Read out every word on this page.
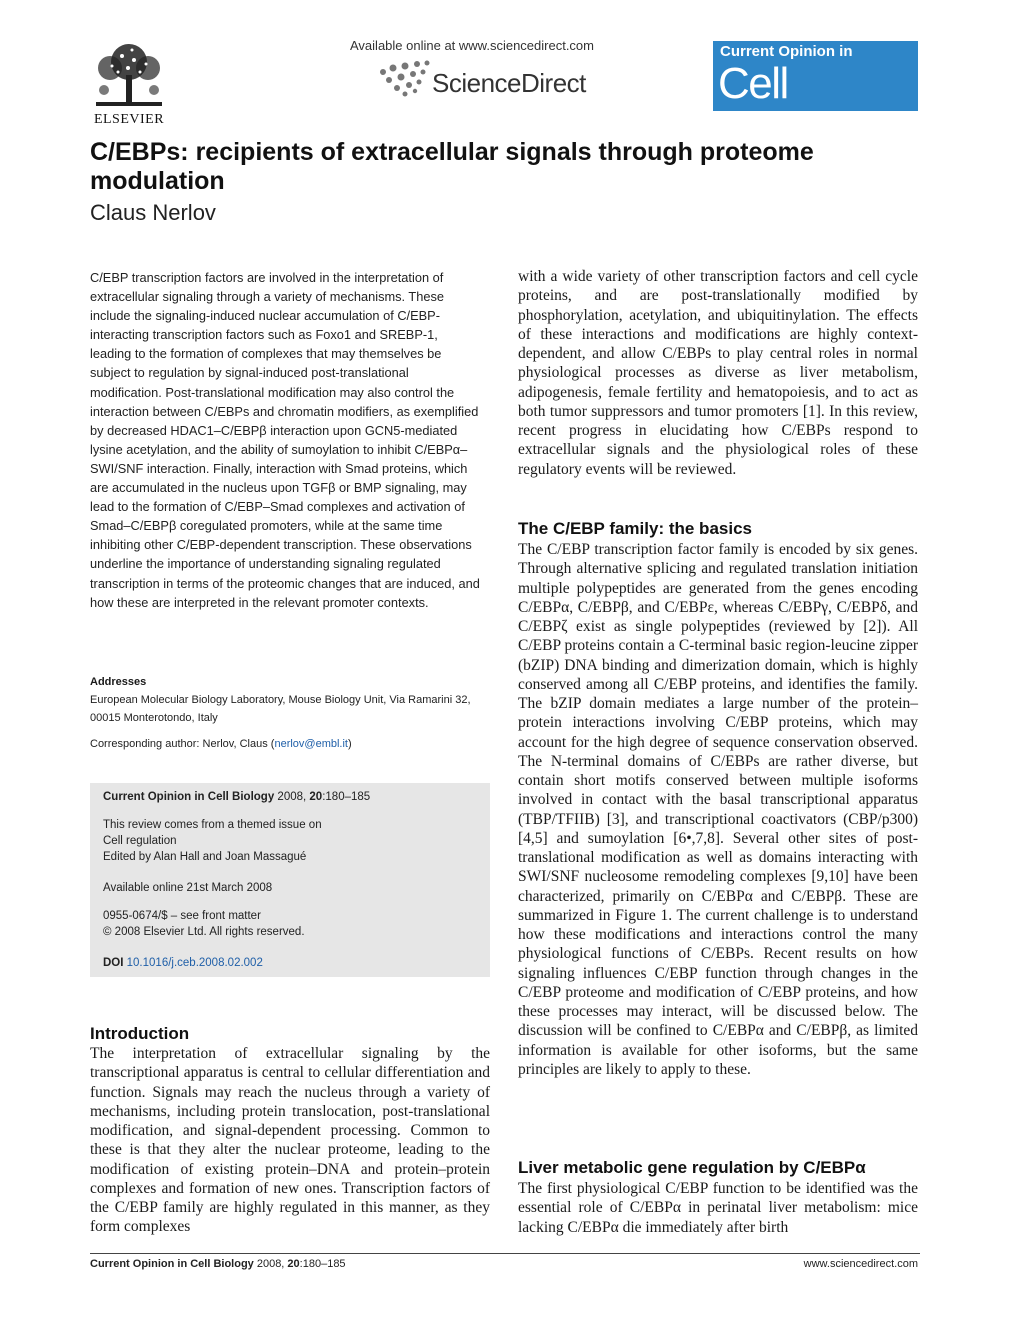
ELSEVIER
Available online at www.sciencedirect.com
ScienceDirect
Current Opinion in
Cell Biology
C/EBPs: recipients of extracellular signals through proteome modulation
Claus Nerlov
C/EBP transcription factors are involved in the interpretation of extracellular signaling through a variety of mechanisms. These include the signaling-induced nuclear accumulation of C/EBP-interacting transcription factors such as Foxo1 and SREBP-1, leading to the formation of complexes that may themselves be subject to regulation by signal-induced post-translational modification. Post-translational modification may also control the interaction between C/EBPs and chromatin modifiers, as exemplified by decreased HDAC1–C/EBPβ interaction upon GCN5-mediated lysine acetylation, and the ability of sumoylation to inhibit C/EBPα–SWI/SNF interaction. Finally, interaction with Smad proteins, which are accumulated in the nucleus upon TGFβ or BMP signaling, may lead to the formation of C/EBP–Smad complexes and activation of Smad–C/EBPβ coregulated promoters, while at the same time inhibiting other C/EBP-dependent transcription. These observations underline the importance of understanding signaling regulated transcription in terms of the proteomic changes that are induced, and how these are interpreted in the relevant promoter contexts.
Addresses
European Molecular Biology Laboratory, Mouse Biology Unit, Via Ramarini 32, 00015 Monterotondo, Italy
Corresponding author: Nerlov, Claus (nerlov@embl.it)
Current Opinion in Cell Biology 2008, 20:180–185
This review comes from a themed issue on
Cell regulation
Edited by Alan Hall and Joan Massagué
Available online 21st March 2008
0955-0674/$ – see front matter
© 2008 Elsevier Ltd. All rights reserved.
DOI 10.1016/j.ceb.2008.02.002
Introduction
The interpretation of extracellular signaling by the transcriptional apparatus is central to cellular differentiation and function. Signals may reach the nucleus through a variety of mechanisms, including protein translocation, post-translational modification, and signal-dependent processing. Common to these is that they alter the nuclear proteome, leading to the modification of existing protein–DNA and protein–protein complexes and formation of new ones. Transcription factors of the C/EBP family are highly regulated in this manner, as they form complexes
with a wide variety of other transcription factors and cell cycle proteins, and are post-translationally modified by phosphorylation, acetylation, and ubiquitinylation. The effects of these interactions and modifications are highly context-dependent, and allow C/EBPs to play central roles in normal physiological processes as diverse as liver metabolism, adipogenesis, female fertility and hematopoiesis, and to act as both tumor suppressors and tumor promoters [1]. In this review, recent progress in elucidating how C/EBPs respond to extracellular signals and the physiological roles of these regulatory events will be reviewed.
The C/EBP family: the basics
The C/EBP transcription factor family is encoded by six genes. Through alternative splicing and regulated translation initiation multiple polypeptides are generated from the genes encoding C/EBPα, C/EBPβ, and C/EBPε, whereas C/EBPγ, C/EBPδ, and C/EBPζ exist as single polypeptides (reviewed by [2]). All C/EBP proteins contain a C-terminal basic region-leucine zipper (bZIP) DNA binding and dimerization domain, which is highly conserved among all C/EBP proteins, and identifies the family. The bZIP domain mediates a large number of the protein–protein interactions involving C/EBP proteins, which may account for the high degree of sequence conservation observed. The N-terminal domains of C/EBPs are rather diverse, but contain short motifs conserved between multiple isoforms involved in contact with the basal transcriptional apparatus (TBP/TFIIB) [3], and transcriptional coactivators (CBP/p300) [4,5] and sumoylation [6•,7,8]. Several other sites of post-translational modification as well as domains interacting with SWI/SNF nucleosome remodeling complexes [9,10] have been characterized, primarily on C/EBPα and C/EBPβ. These are summarized in Figure 1. The current challenge is to understand how these modifications and interactions control the many physiological functions of C/EBPs. Recent results on how signaling influences C/EBP function through changes in the C/EBP proteome and modification of C/EBP proteins, and how these processes may interact, will be discussed below. The discussion will be confined to C/EBPα and C/EBPβ, as limited information is available for other isoforms, but the same principles are likely to apply to these.
Liver metabolic gene regulation by C/EBPα
The first physiological C/EBP function to be identified was the essential role of C/EBPα in perinatal liver metabolism: mice lacking C/EBPα die immediately after birth
Current Opinion in Cell Biology 2008, 20:180–185	www.sciencedirect.com
